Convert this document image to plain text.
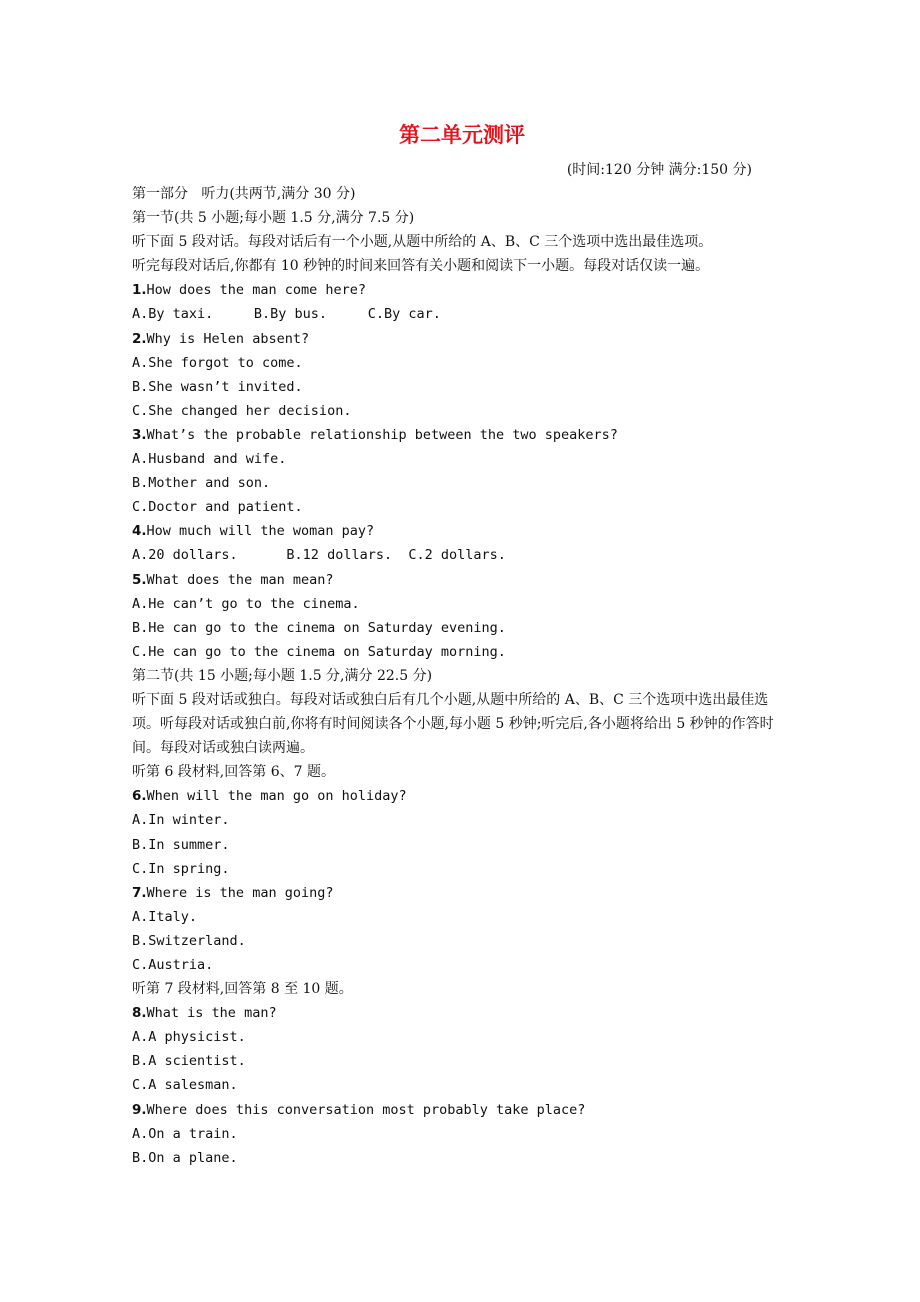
第二单元测评
(时间:120 分钟 满分:150 分)
第一部分   听力(共两节,满分 30 分)
第一节(共 5 小题;每小题 1.5 分,满分 7.5 分)
听下面 5 段对话。每段对话后有一个小题,从题中所给的 A、B、C 三个选项中选出最佳选项。
听完每段对话后,你都有 10 秒钟的时间来回答有关小题和阅读下一小题。每段对话仅读一遍。
1.How does the man come here?
A.By taxi.     B.By bus.     C.By car.
2.Why is Helen absent?
A.She forgot to come.
B.She wasn’t invited.
C.She changed her decision.
3.What’s the probable relationship between the two speakers?
A.Husband and wife.
B.Mother and son.
C.Doctor and patient.
4.How much will the woman pay?
A.20 dollars.      B.12 dollars.  C.2 dollars.
5.What does the man mean?
A.He can’t go to the cinema.
B.He can go to the cinema on Saturday evening.
C.He can go to the cinema on Saturday morning.
第二节(共 15 小题;每小题 1.5 分,满分 22.5 分)
听下面 5 段对话或独白。每段对话或独白后有几个小题,从题中所给的 A、B、C 三个选项中选出最佳选项。听每段对话或独白前,你将有时间阅读各个小题,每小题 5 秒钟;听完后,各小题将给出 5 秒钟的作答时间。每段对话或独白读两遍。
听第 6 段材料,回答第 6、7 题。
6.When will the man go on holiday?
A.In winter.
B.In summer.
C.In spring.
7.Where is the man going?
A.Italy.
B.Switzerland.
C.Austria.
听第 7 段材料,回答第 8 至 10 题。
8.What is the man?
A.A physicist.
B.A scientist.
C.A salesman.
9.Where does this conversation most probably take place?
A.On a train.
B.On a plane.
